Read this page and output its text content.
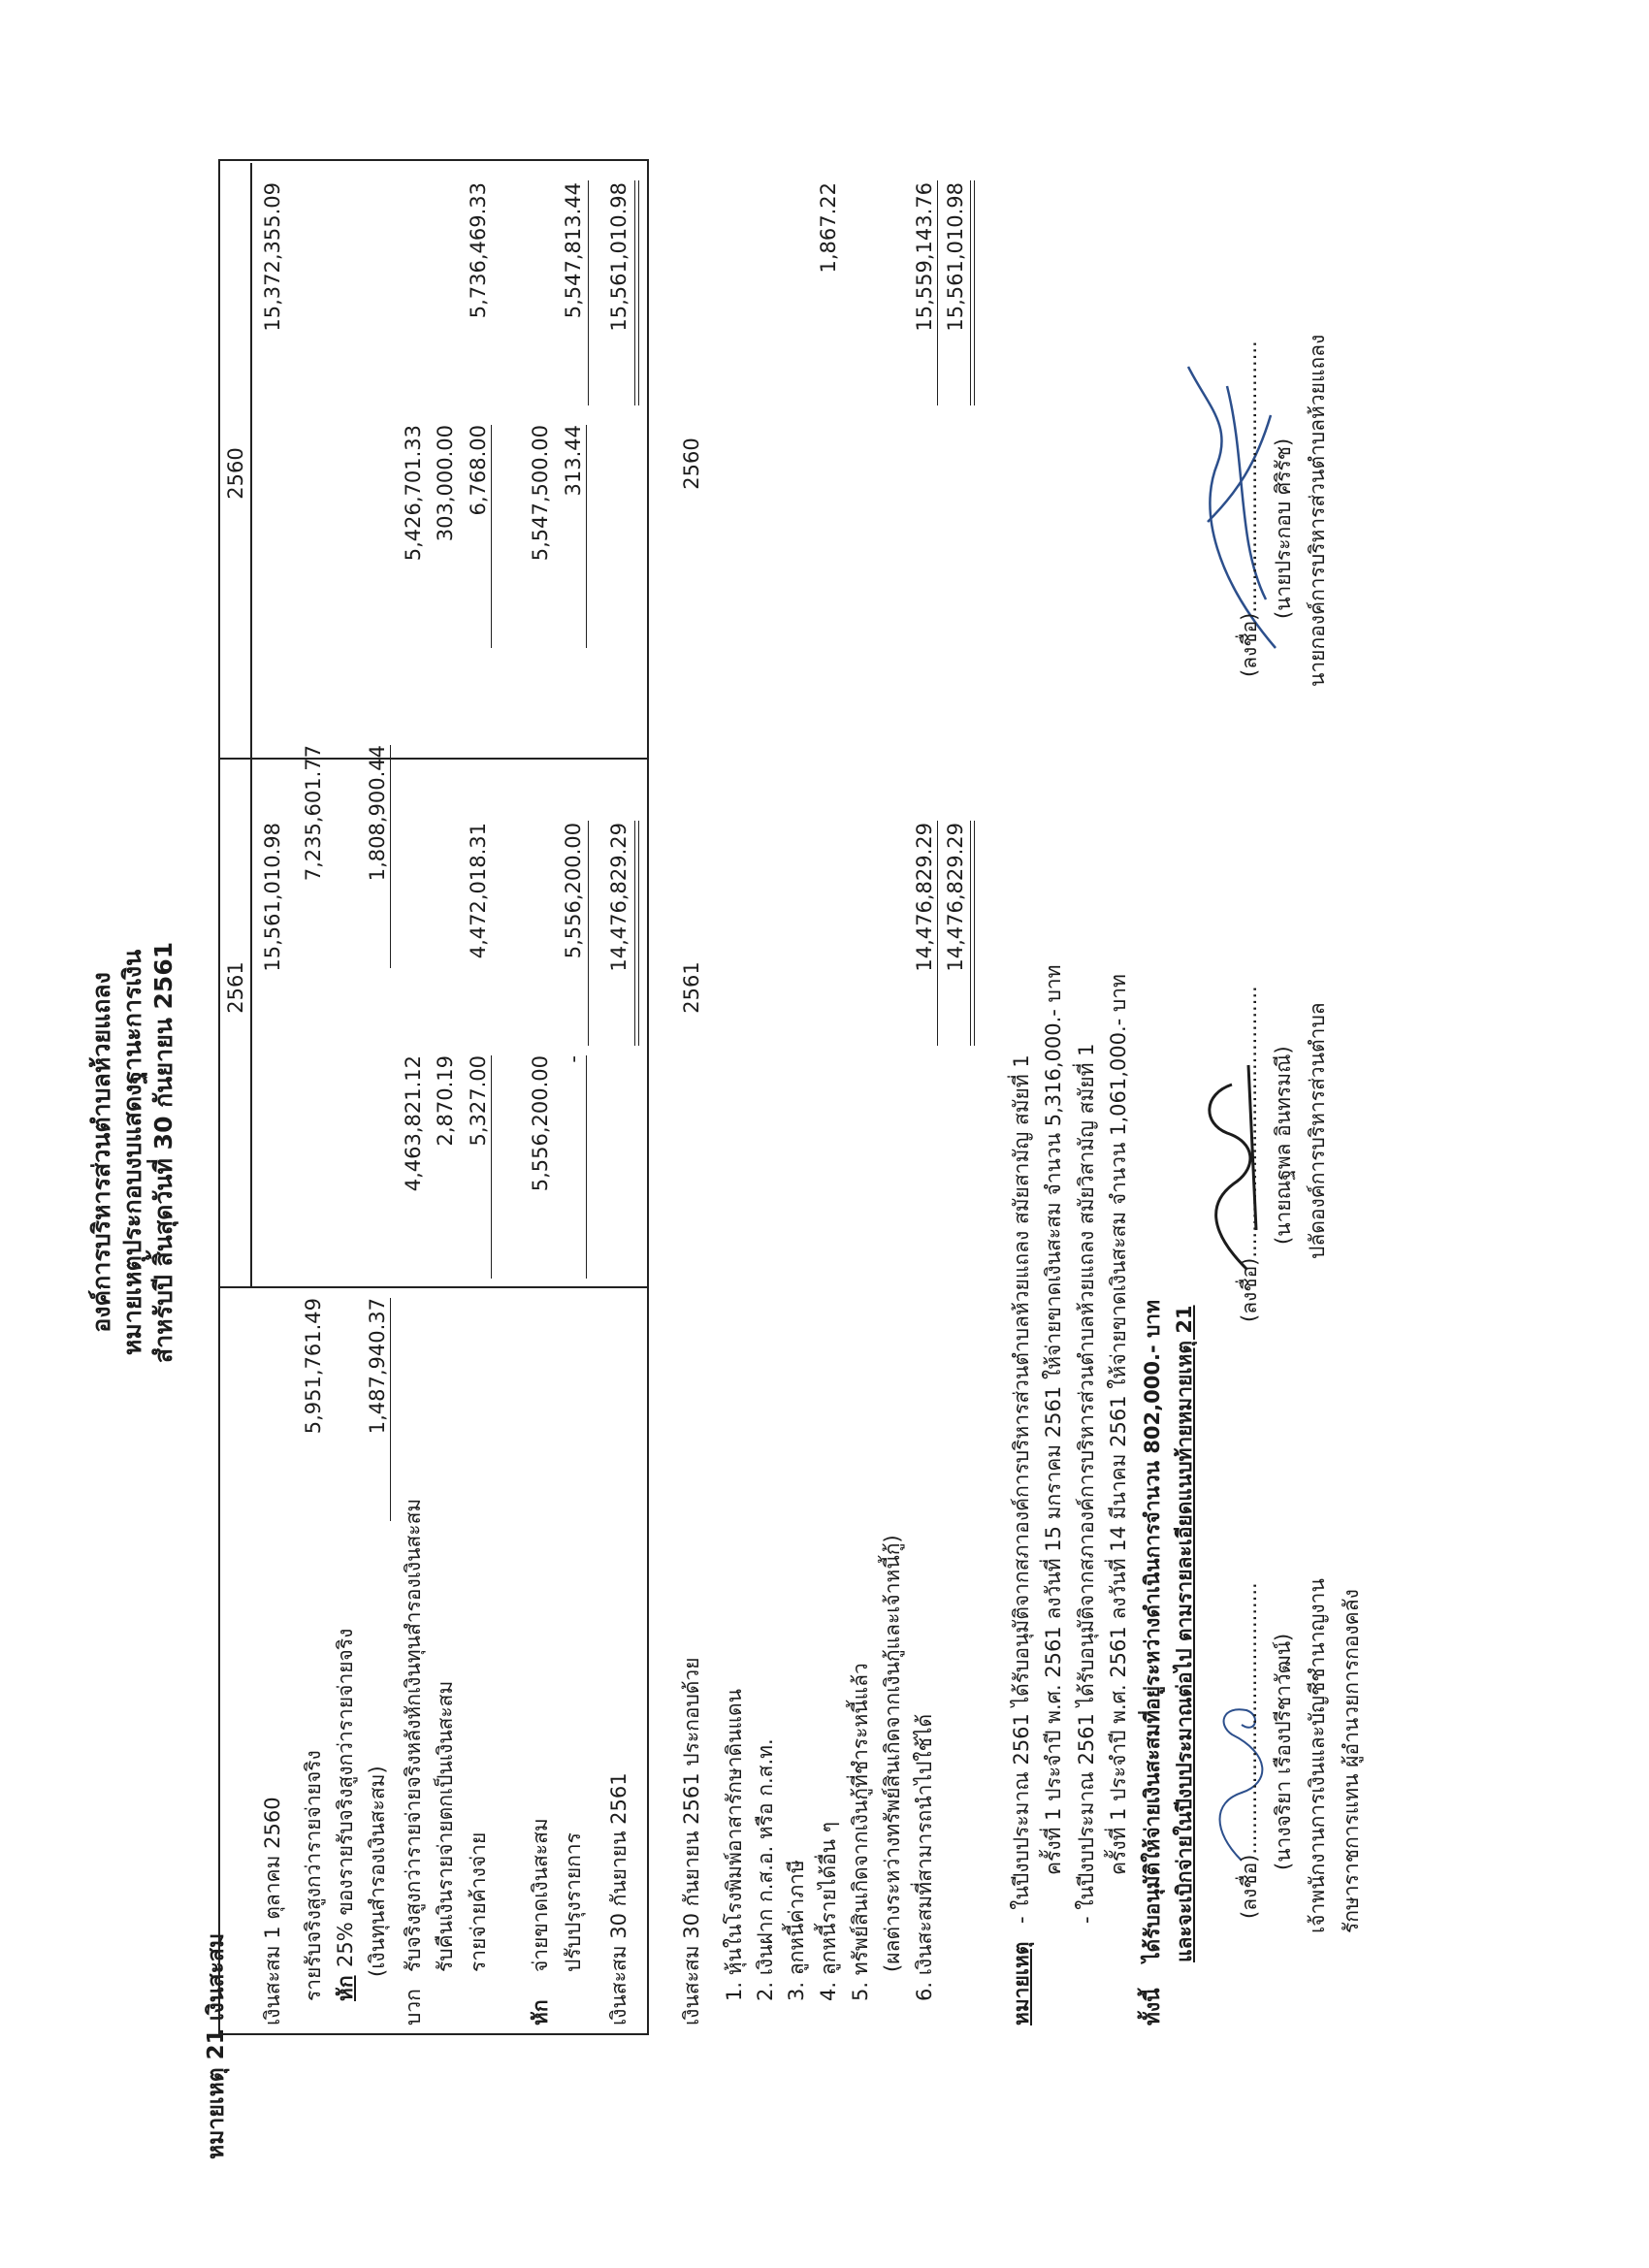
องค์การบริหารส่วนตำบลห้วยแถลง หมายเหตุประกอบงบแสดงฐานะการเงิน สำหรับปี สิ้นสุดวันที่ 30 กันยายน 2561
หมายเหตุ 21 เงินสะสม
2561
2560
เงินสะสม 1 ตุลาคม 2560 รายรับจริงสูงกว่ารายจ่ายจริง หัก
25% ของรายรับจริงสูงกว่ารายจ่ายจริง (เงินทุนสำรองเงินสะสม)
บวก
รับจริงสูงกว่ารายจ่ายจริงหลังหักเงินทุนสำรองเงินสะสม รับคืนเงินรายจ่ายตกเป็นเงินสะสม รายจ่ายค้างจ่าย
หัก
จ่ายขาดเงินสะสม ปรับปรุงรายการ เงินสะสม 30 กันยายน 2561
15,561,010.98
5,951,761.49 1,487,940.37
4,463,821.12 2,870.19 5,327.00
4,472,018.31
5,556,200.00 -
5,556,200.00 14,476,829.29
15,372,355.09
7,235,601.77 1,808,900.44
5,426,701.33 303,000.00 6,768.00
5,736,469.33
5,547,500.00 313.44
5,547,813.44 15,561,010.98
เงินสะสม 30 กันยายน 2561 ประกอบด้วย
2561
2560
1. หุ้นในโรงพิมพ์อาสารักษาดินแดน 2. เงินฝาก ก.ส.อ. หรือ ก.ส.ท. 3. ลูกหนี้ค่าภาษี 4. ลูกหนี้รายได้อื่น ๆ 5. ทรัพย์สินเกิดจากเงินกู้ที่ชำระหนี้แล้ว (ผลต่างระหว่างทรัพย์สินเกิดจากเงินกู้และเจ้าหนี้กู้) 6. เงินสะสมที่สามารถนำไปใช้ได้
1,867.22
14,476,829.29
15,559,143.76
14,476,829.29
15,561,010.98
หมายเหตุ
- ในปีงบประมาณ 2561 ได้รับอนุมัติจากสภาองค์การบริหารส่วนตำบลห้วยแถลง สมัยสามัญ สมัยที่ 1 ครั้งที่ 1 ประจำปี พ.ศ. 2561 ลงวันที่ 15 มกราคม 2561 ให้จ่ายขาดเงินสะสม จำนวน 5,316,000.- บาท - ในปีงบประมาณ 2561 ได้รับอนุมัติจากสภาองค์การบริหารส่วนตำบลห้วยแถลง สมัยวิสามัญ สมัยที่ 1 ครั้งที่ 1 ประจำปี พ.ศ. 2561 ลงวันที่ 14 มีนาคม 2561 ให้จ่ายขาดเงินสะสม จำนวน 1,061,000.- บาท
ทั้งนี้
ได้รับอนุมัติให้จ่ายเงินสะสมที่อยู่ระหว่างดำเนินการจำนวน 802,000.- บาท และจะเบิกจ่ายในปีงบประมาณต่อไป ตามรายละเอียดแนบท้ายหมายเหตุ 21 (ลงชื่อ).......................................... (นางจริยา เรืองปรีชาวัฒน์) เจ้าพนักงานการเงินและบัญชีชำนาญงาน รักษาราชการแทน ผู้อำนวยการกองคลัง
(ลงชื่อ).......................................... (นายณฐพล อินทรมณี) ปลัดองค์การบริหารส่วนตำบล
(ลงชื่อ).......................................... (นายประกอบ ศิริรัช) นายกองค์การบริหารส่วนตำบลห้วยแถลง
